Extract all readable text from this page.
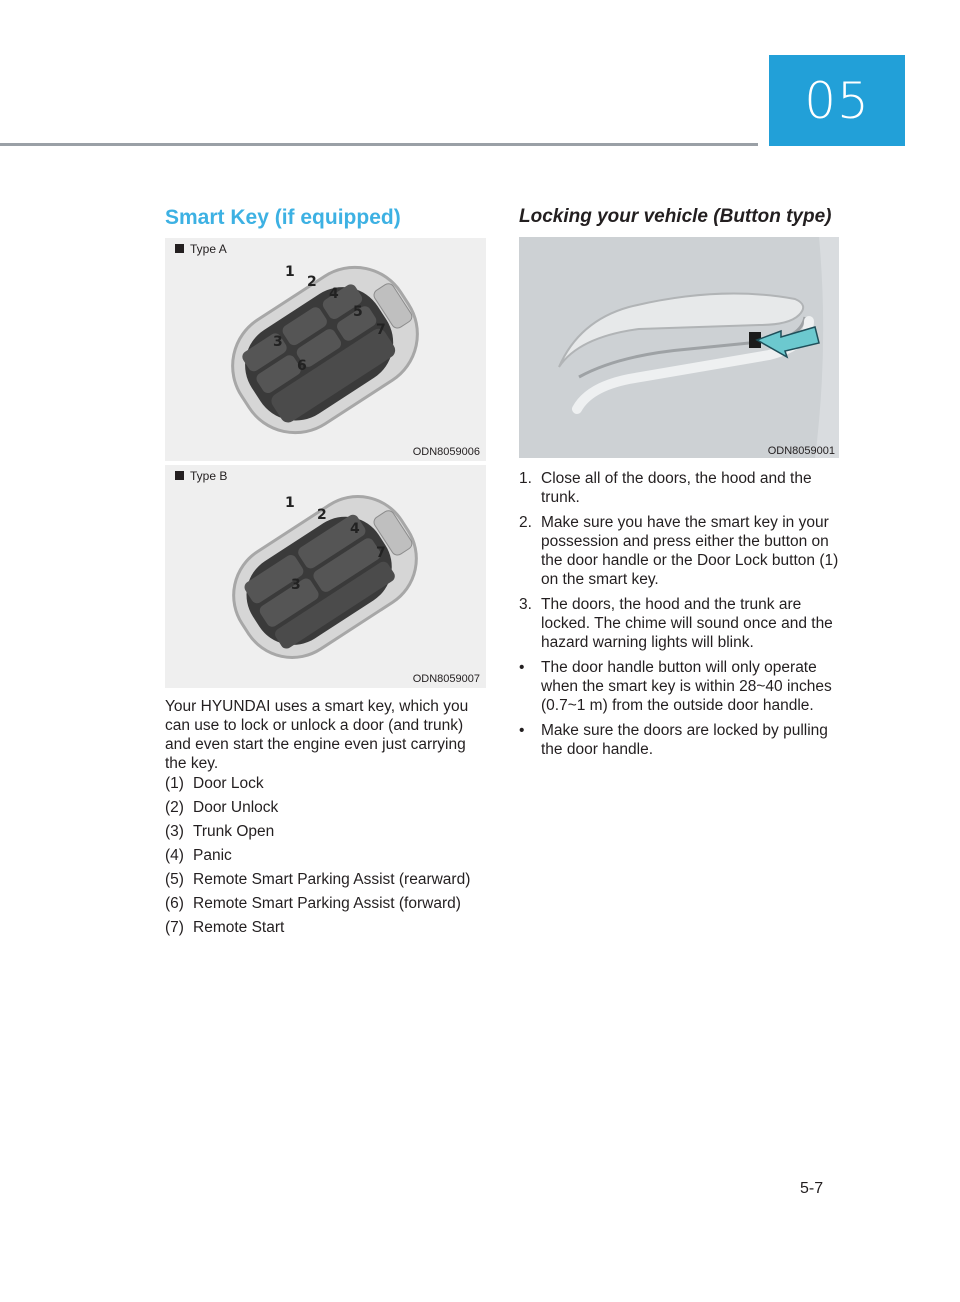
05
Smart Key (if equipped)	Locking your vehicle (Button type)
Type A
1
2
4
5
7
3
6
ODN8059006
Type B
1
2
4
7
3
ODN8059007
ODN8059001
Your HYUNDAI uses a smart key, which you can use to lock or unlock a door (and trunk) and even start the engine even just carrying the key.
(1) Door Lock
(2) Door Unlock
(3) Trunk Open
(4) Panic
(5) Remote Smart Parking Assist (rearward)
(6) Remote Smart Parking Assist (forward)
(7) Remote Start
1. Close all of the doors, the hood and the trunk.
2. Make sure you have the smart key in your possession and press either the button on the door handle or the Door Lock button (1) on the smart key.
3. The doors, the hood and the trunk are locked. The chime will sound once and the hazard warning lights will blink.
•	The door handle button will only operate when the smart key is within 28~40 inches (0.7~1 m) from the outside door handle.
•	Make sure the doors are locked by pulling the door handle.
5-7
